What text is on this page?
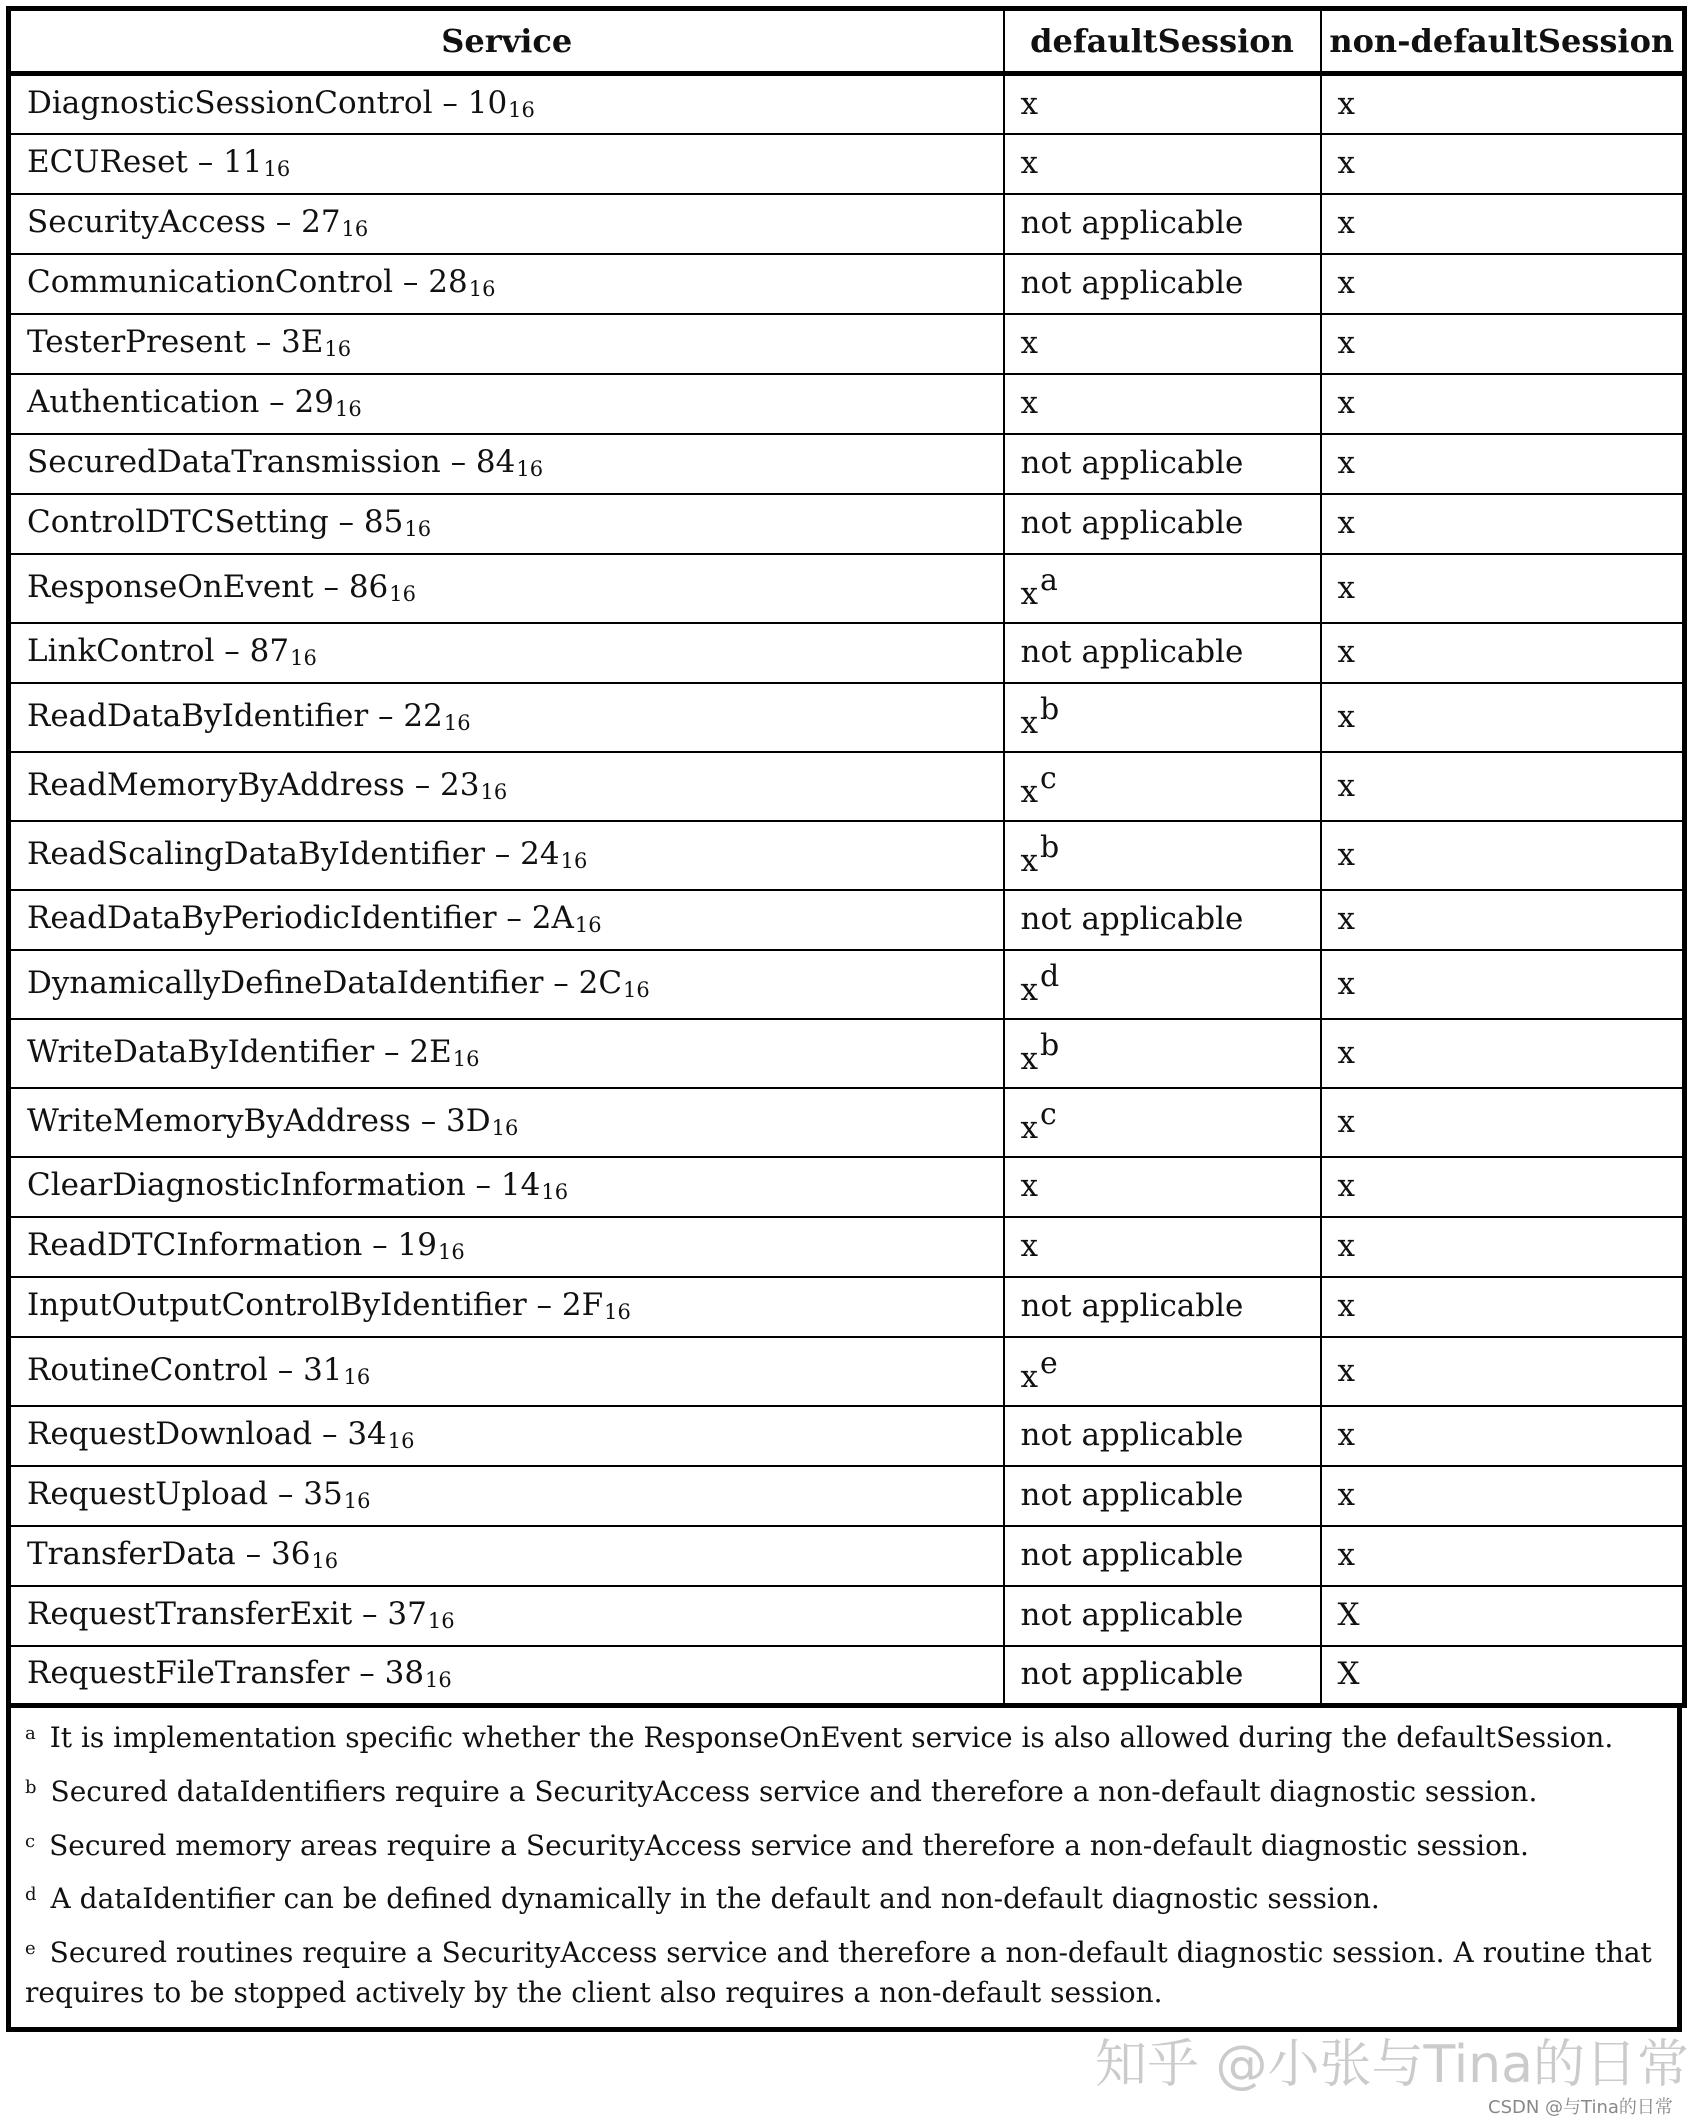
Service	defaultSession	non-defaultSession
DiagnosticSessionControl – 1016	x	x
ECUReset – 1116	x	x
SecurityAccess – 2716	not applicable	x
CommunicationControl – 2816	not applicable	x
TesterPresent – 3E16	x	x
Authentication – 2916	x	x
SecuredDataTransmission – 8416	not applicable	x
ControlDTCSetting – 8516	not applicable	x
ResponseOnEvent – 8616	xa	x
LinkControl – 8716	not applicable	x
ReadDataByIdentifier – 2216	xb	x
ReadMemoryByAddress – 2316	xc	x
ReadScalingDataByIdentifier – 2416	xb	x
ReadDataByPeriodicIdentifier – 2A16	not applicable	x
DynamicallyDefineDataIdentifier – 2C16	xd	x
WriteDataByIdentifier – 2E16	xb	x
WriteMemoryByAddress – 3D16	xc	x
ClearDiagnosticInformation – 1416	x	x
ReadDTCInformation – 1916	x	x
InputOutputControlByIdentifier – 2F16	not applicable	x
RoutineControl – 3116	xe	x
RequestDownload – 3416	not applicable	x
RequestUpload – 3516	not applicable	x
TransferData – 3616	not applicable	x
RequestTransferExit – 3716	not applicable	X
RequestFileTransfer – 3816	not applicable	X
$^a$ It is implementation specific whether the ResponseOnEvent service is also allowed during the defaultSession.
$^b$ Secured dataIdentifiers require a SecurityAccess service and therefore a non-default diagnostic session.
$^c$ Secured memory areas require a SecurityAccess service and therefore a non-default diagnostic session.
$^d$ A dataIdentifier can be defined dynamically in the default and non-default diagnostic session.
$^e$ Secured routines require a SecurityAccess service and therefore a non-default diagnostic session. A routine that requires to be stopped actively by the client also requires a non-default session.
知乎 @小张与Tina的日常
CSDN @与Tina的日常
